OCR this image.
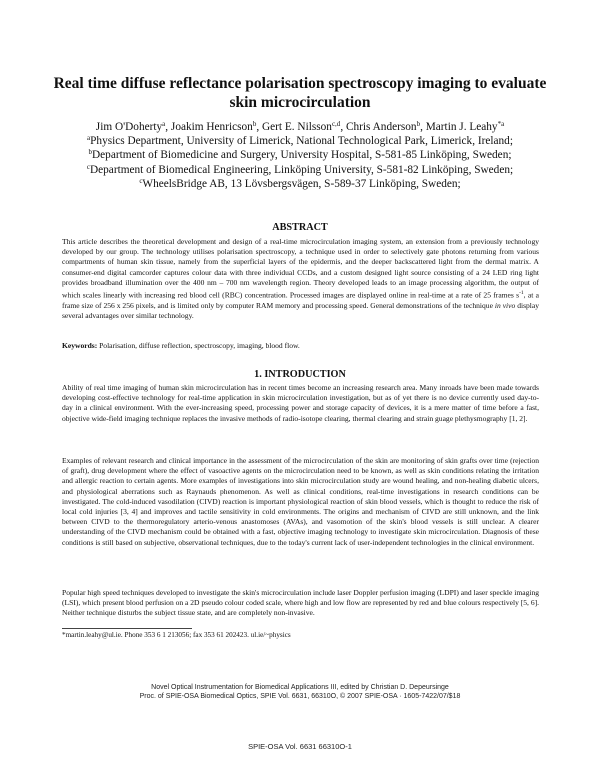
Real time diffuse reflectance polarisation spectroscopy imaging to evaluate skin microcirculation
Jim O'Doherty$^a$, Joakim Henricson$^b$, Gert E. Nilsson$^{c,d}$, Chris Anderson$^b$, Martin J. Leahy$^{*a}$
$^a$Physics Department, University of Limerick, National Technological Park, Limerick, Ireland;
$^b$Department of Biomedicine and Surgery, University Hospital, S-581-85 Linköping, Sweden;
$^c$Department of Biomedical Engineering, Linköping University, S-581-82 Linköping, Sweden;
$^c$WheelsBridge AB, 13 Lövsbergsvägen, S-589-37 Linköping, Sweden;
ABSTRACT

This article describes the theoretical development and design of a real-time microcirculation imaging system, an extension from a previously technology developed by our group. The technology utilises polarisation spectroscopy, a technique used in order to selectively gate photons returning from various compartments of human skin tissue, namely from the superficial layers of the epidermis, and the deeper backscattered light from the dermal matrix. A consumer-end digital camcorder captures colour data with three individual CCDs, and a custom designed light source consisting of a 24 LED ring light provides broadband illumination over the 400 nm – 700 nm wavelength region. Theory developed leads to an image processing algorithm, the output of which scales linearly with increasing red blood cell (RBC) concentration. Processed images are displayed online in real-time at a rate of 25 frames $s^{-1}$, at a frame size of 256 x 256 pixels, and is limited only by computer RAM memory and processing speed. General demonstrations of the technique in vivo display several advantages over similar technology.

Keywords: Polarisation, diffuse reflection, spectroscopy, imaging, blood flow.

1. INTRODUCTION

Ability of real time imaging of human skin microcirculation has in recent times become an increasing research area. Many inroads have been made towards developing cost-effective technology for real-time application in skin microcirculation investigation, but as of yet there is no device currently used day-to-day in a clinical environment. With the ever-increasing speed, processing power and storage capacity of devices, it is a mere matter of time before a fast, objective wide-field imaging technique replaces the invasive methods of radio-isotope clearing, thermal clearing and strain guage plethysmography [1, 2].

Examples of relevant research and clinical importance in the assessment of the microcirculation of the skin are monitoring of skin grafts over time (rejection of graft), drug development where the effect of vasoactive agents on the microcirculation need to be known, as well as skin conditions relating the irritation and allergic reaction to certain agents. More examples of investigations into skin microcirculation study are wound healing, and non-healing diabetic ulcers, and physiological aberrations such as Raynauds phenomenon. As well as clinical conditions, real-time investigations in research conditions can be investigated. The cold-induced vasodilation (CIVD) reaction is important physiological reaction of skin blood vessels, which is thought to reduce the risk of local cold injuries [3, 4] and improves and tactile sensitivity in cold environments. The origins and mechanism of CIVD are still unknown, and the link between CIVD to the thermoregulatory arterio-venous anastomoses (AVAs), and vasomotion of the skin's blood vessels is still unclear. A clearer understanding of the CIVD mechanism could be obtained with a fast, objective imaging technology to investigate skin microcirculation. Diagnosis of these conditions is still based on subjective, observational techniques, due to the today's current lack of user-independent technologies in the clinical environment.

Popular high speed techniques developed to investigate the skin's microcirculation include laser Doppler perfusion imaging (LDPI) and laser speckle imaging (LSI), which present blood perfusion on a 2D pseudo colour coded scale, where high and low flow are represented by red and blue colours respectively [5, 6]. Neither technique disturbs the subject tissue state, and are completely non-invasive.

*martin.leahy@ul.ie. Phone 353 6 1 213056; fax 353 61 202423. ul.ie/~physics
Novel Optical Instrumentation for Biomedical Applications III, edited by Christian D. Depeursinge
Proc. of SPIE-OSA Biomedical Optics, SPIE Vol. 6631, 66310O, © 2007 SPIE-OSA · 1605-7422/07/$18
SPIE-OSA Vol. 6631 66310O-1
